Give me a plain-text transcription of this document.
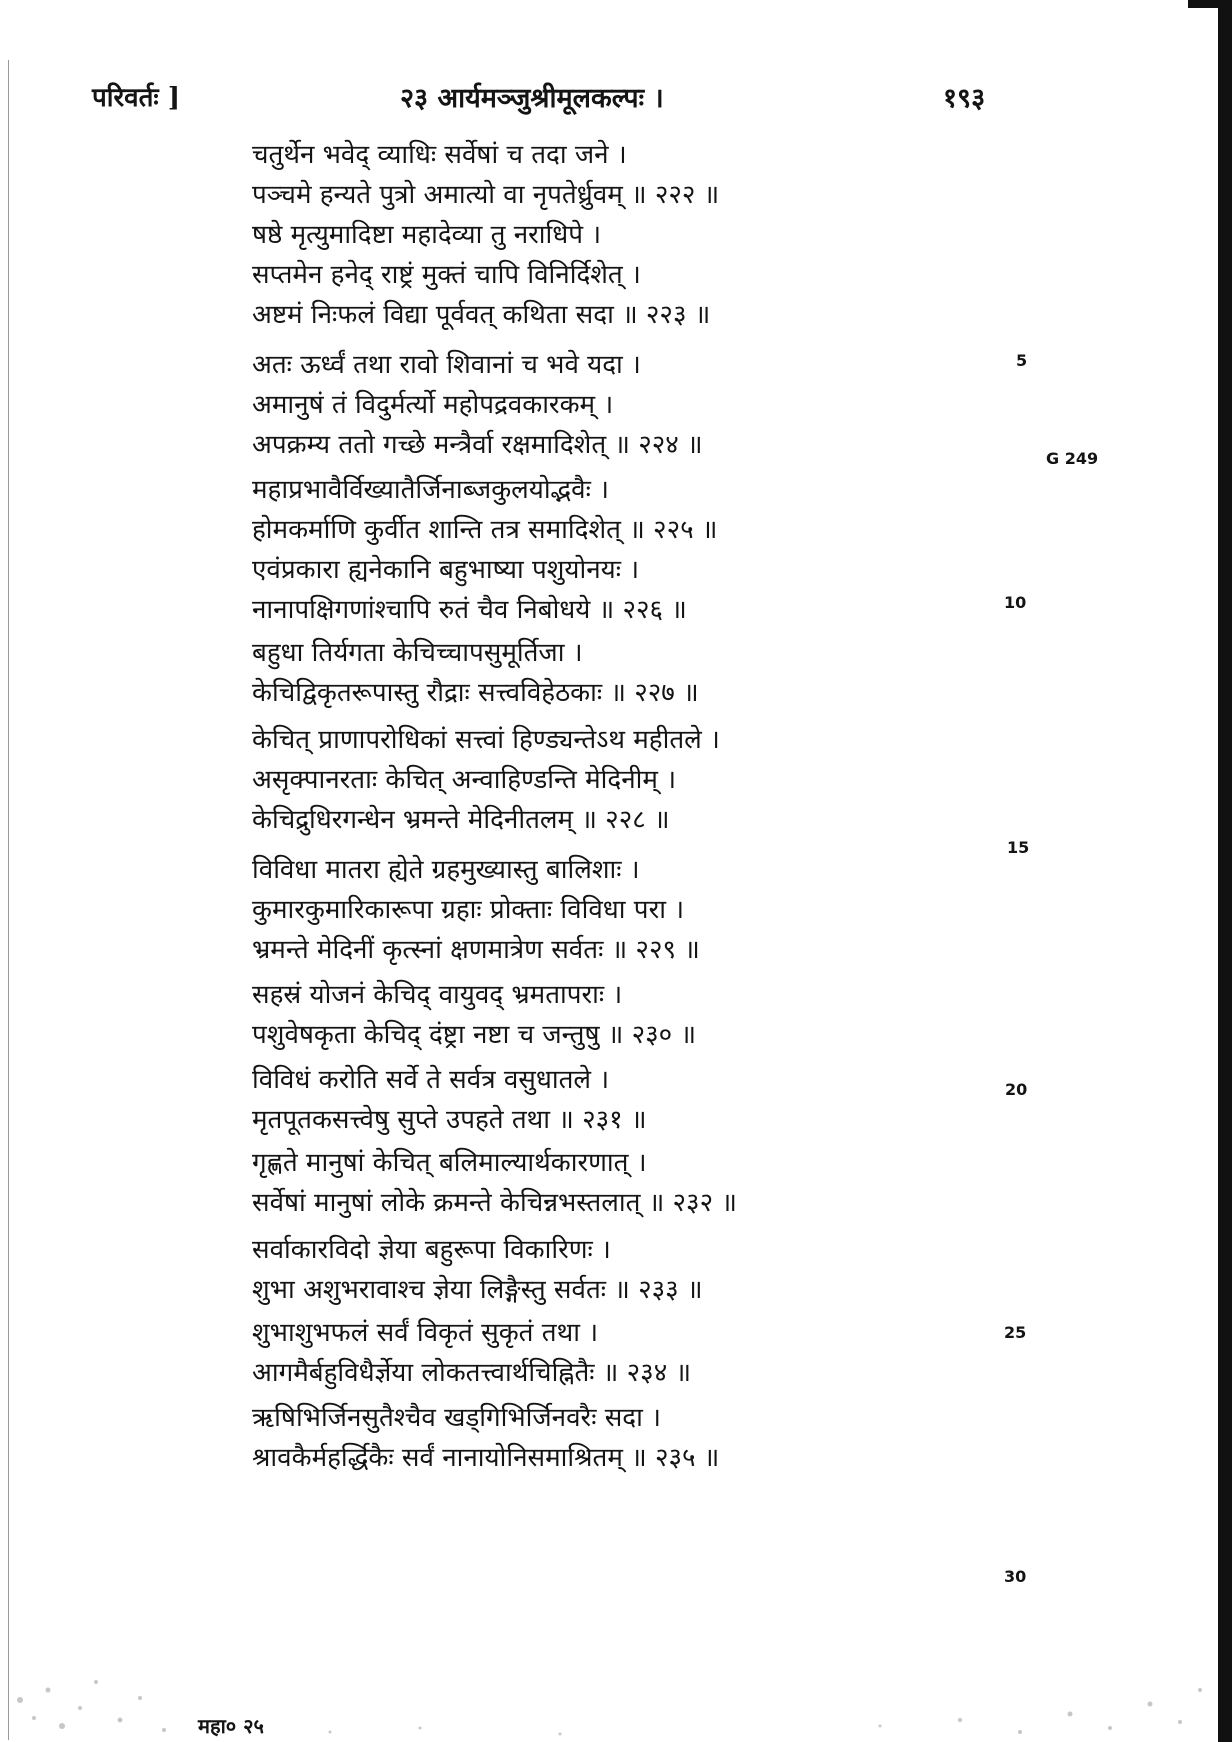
परिवर्तः ]	२३ आर्यमञ्जुश्रीमूलकल्पः ।	१९३
चतुर्थेन भवेद् व्याधिः सर्वेषां च तदा जने ।
पञ्चमे हन्यते पुत्रो अमात्यो वा नृपतेर्ध्रुवम् ॥ २२२ ॥
षष्ठे मृत्युमादिष्टा महादेव्या तु नराधिपे ।
सप्तमेन हनेद् राष्ट्रं मुक्तं चापि विनिर्दिशेत् ।
अष्टमं निःफलं विद्या पूर्ववत् कथिता सदा ॥ २२३ ॥
अतः ऊर्ध्वं तथा रावो शिवानां च भवे यदा ।
अमानुषं तं विदुर्मर्त्यो महोपद्रवकारकम् ।
अपक्रम्य ततो गच्छे मन्त्रैर्वा रक्षमादिशेत् ॥ २२४ ॥
महाप्रभावैर्विख्यातैर्जिनाब्जकुलयोद्भवैः ।
होमकर्माणि कुर्वीत शान्ति तत्र समादिशेत् ॥ २२५ ॥
एवंप्रकारा ह्यनेकानि बहुभाष्या पशुयोनयः ।
नानापक्षिगणांश्चापि रुतं चैव निबोधये ॥ २२६ ॥
बहुधा तिर्यगता केचिच्चापसुमूर्तिजा ।
केचिद्विकृतरूपास्तु रौद्राः सत्त्वविहेठकाः ॥ २२७ ॥
केचित् प्राणापरोधिकां सत्त्वां हिण्ड्यन्तेऽथ महीतले ।
असृक्पानरताः केचित् अन्वाहिण्डन्ति मेदिनीम् ।
केचिद्रुधिरगन्धेन भ्रमन्ते मेदिनीतलम् ॥ २२८ ॥
विविधा मातरा ह्येते ग्रहमुख्यास्तु बालिशाः ।
कुमारकुमारिकारूपा ग्रहाः प्रोक्ताः विविधा परा ।
भ्रमन्ते मेदिनीं कृत्स्नां क्षणमात्रेण सर्वतः ॥ २२९ ॥
सहस्रं योजनं केचिद् वायुवद् भ्रमतापराः ।
पशुवेषकृता केचिद् दंष्ट्रा नष्टा च जन्तुषु ॥ २३० ॥
विविधं करोति सर्वे ते सर्वत्र वसुधातले ।
मृतपूतकसत्त्वेषु सुप्ते उपहते तथा ॥ २३१ ॥
गृह्णते मानुषां केचित् बलिमाल्यार्थकारणात् ।
सर्वेषां मानुषां लोके क्रमन्ते केचिन्नभस्तलात् ॥ २३२ ॥
सर्वाकारविदो ज्ञेया बहुरूपा विकारिणः ।
शुभा अशुभरावाश्च ज्ञेया लिङ्गैस्तु सर्वतः ॥ २३३ ॥
शुभाशुभफलं सर्वं विकृतं सुकृतं तथा ।
आगमैर्बहुविधैर्ज्ञेया लोकतत्त्वार्थचिह्नितैः ॥ २३४ ॥
ऋषिभिर्जिनसुतैश्चैव खड्गिभिर्जिनवरैः सदा ।
श्रावकैर्महर्द्धिकैः सर्वं नानायोनिसमाश्रितम् ॥ २३५ ॥
5
10
15
20
25
30
G 249
महा० २५
